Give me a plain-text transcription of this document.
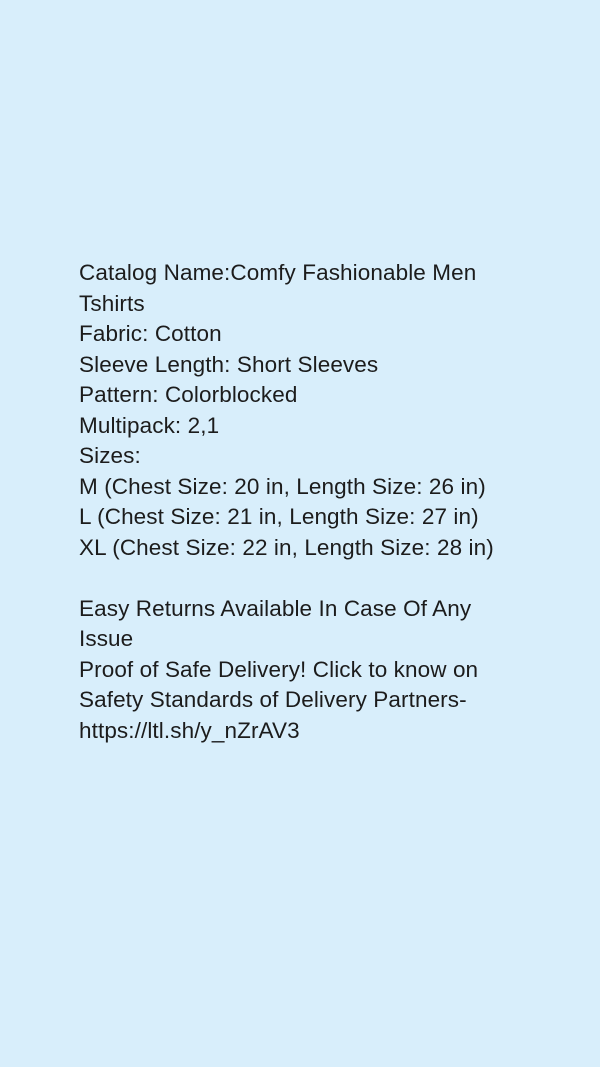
Catalog Name:Comfy Fashionable Men Tshirts
Fabric: Cotton
Sleeve Length: Short Sleeves
Pattern: Colorblocked
Multipack: 2,1
Sizes:
M (Chest Size: 20 in, Length Size: 26 in)
L (Chest Size: 21 in, Length Size: 27 in)
XL (Chest Size: 22 in, Length Size: 28 in)
Easy Returns Available In Case Of Any Issue
Proof of Safe Delivery! Click to know on Safety Standards of Delivery Partners- https://ltl.sh/y_nZrAV3
